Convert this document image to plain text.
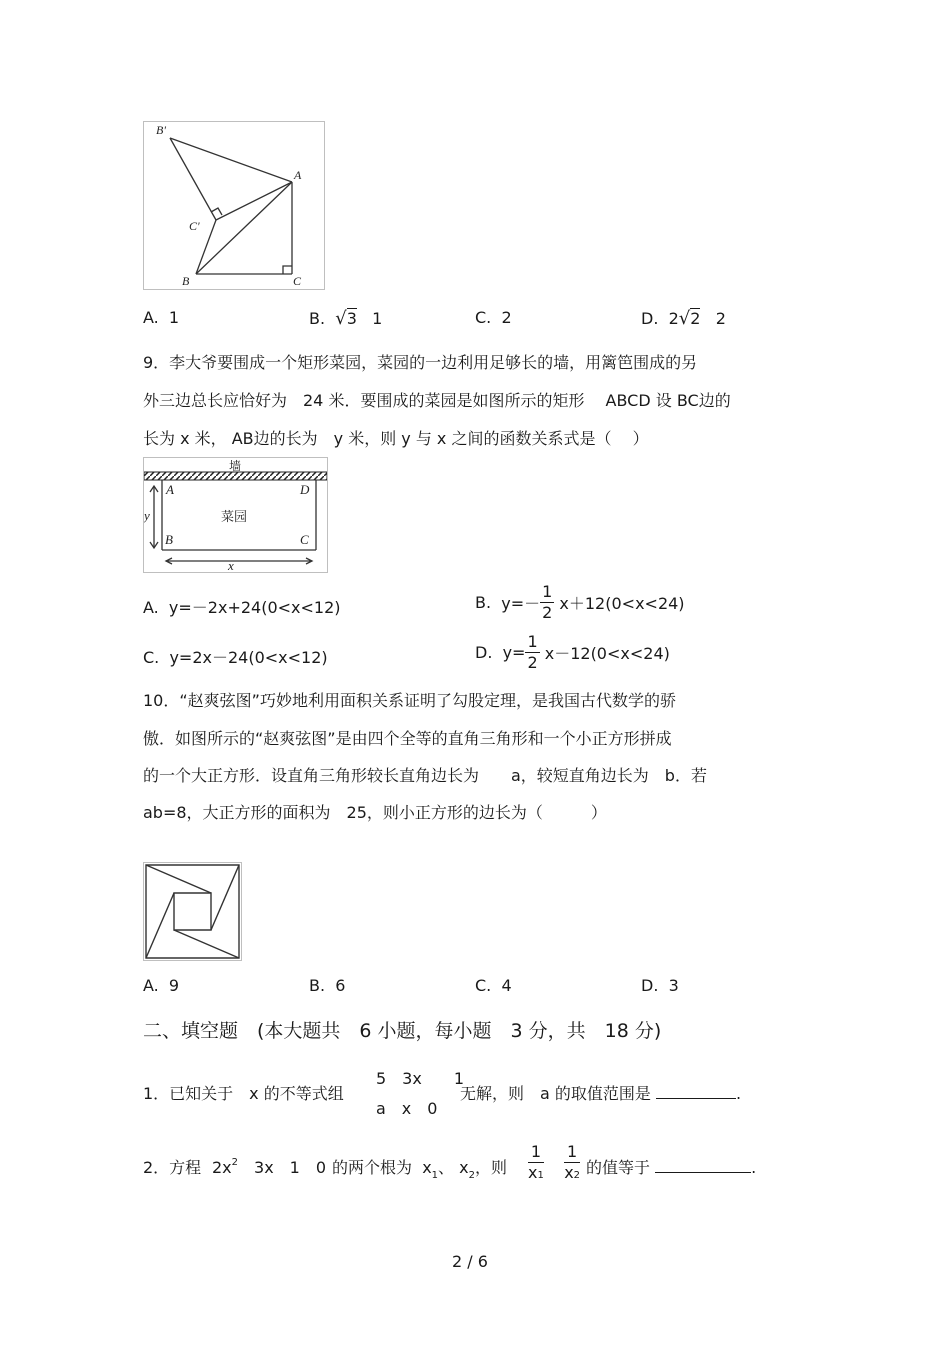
B'
A
C'
B	C
A. 1	B. √3 1	C. 2	D. 2√2 2
9．李大爷要围成一个矩形菜园，菜园的一边利用足够长的墙，用篱笆围成的另
外三边总长应恰好为　24 米．要围成的菜园是如图所示的矩形　 ABCD 设 BC边的
长为 x 米， AB边的长为　y 米，则 y 与 x 之间的函数关系式是（　 ）
墙
菜园
A	D
B	C
y
x
A. y=－2x+24(0<x<12)	B. $y=- \frac{1}{2} x+12(0<x<24)$
C. y=2x－24(0<x<12)	D. $y= \frac{1}{2} x-12(0<x<24)$
10．“赵爽弦图”巧妙地利用面积关系证明了勾股定理，是我国古代数学的骄
傲．如图所示的“赵爽弦图”是由四个全等的直角三角形和一个小正方形拼成
的一个大正方形．设直角三角形较长直角边长为　　a，较短直角边长为　b．若
ab=8，大正方形的面积为　25，则小正方形的边长为（　　　）
A. 9	B. 6	C. 4	D. 3
二、填空题　(本大题共　6 小题，每小题　3 分，共　18 分)
1．已知关于　x 的不等式组
5　3x　　1
a　x　0
无解，则　a 的取值范围是	.
2．方程 $2x^2$　3x　1　0 的两个根为 $x_1$、 $x_2$，则 $\frac{1}{x1}$
$\frac{1}{x2}$ 的值等于	.
2 / 6
